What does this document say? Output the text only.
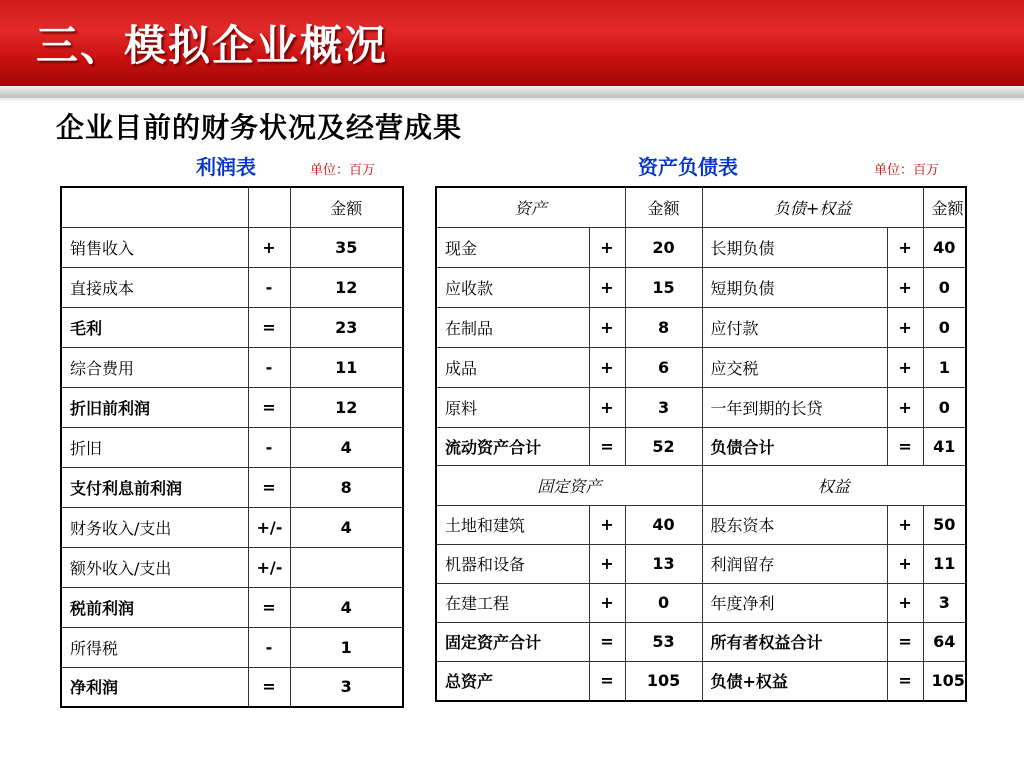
三、模拟企业概况
企业目前的财务状况及经营成果
利润表	单位：百万
		金额
销售收入	+	35
直接成本	-	12
毛利	=	23
综合费用	-	11
折旧前利润	=	12
折旧	-	4
支付利息前利润	=	8
财务收入/支出	+/-	4
额外收入/支出	+/-	
税前利润	=	4
所得税	-	1
净利润	=	3
资产负债表	单位：百万
资产		金额	负债+权益		金额
现金	+	20	长期负债	+	40
应收款	+	15	短期负债	+	0
在制品	+	8	应付款	+	0
成品	+	6	应交税	+	1
原料	+	3	一年到期的长贷	+	0
流动资产合计	=	52	负债合计	=	41
固定资产			权益		
土地和建筑	+	40	股东资本	+	50
机器和设备	+	13	利润留存	+	11
在建工程	+	0	年度净利	+	3
固定资产合计	=	53	所有者权益合计	=	64
总资产	=	105	负债+权益	=	105
